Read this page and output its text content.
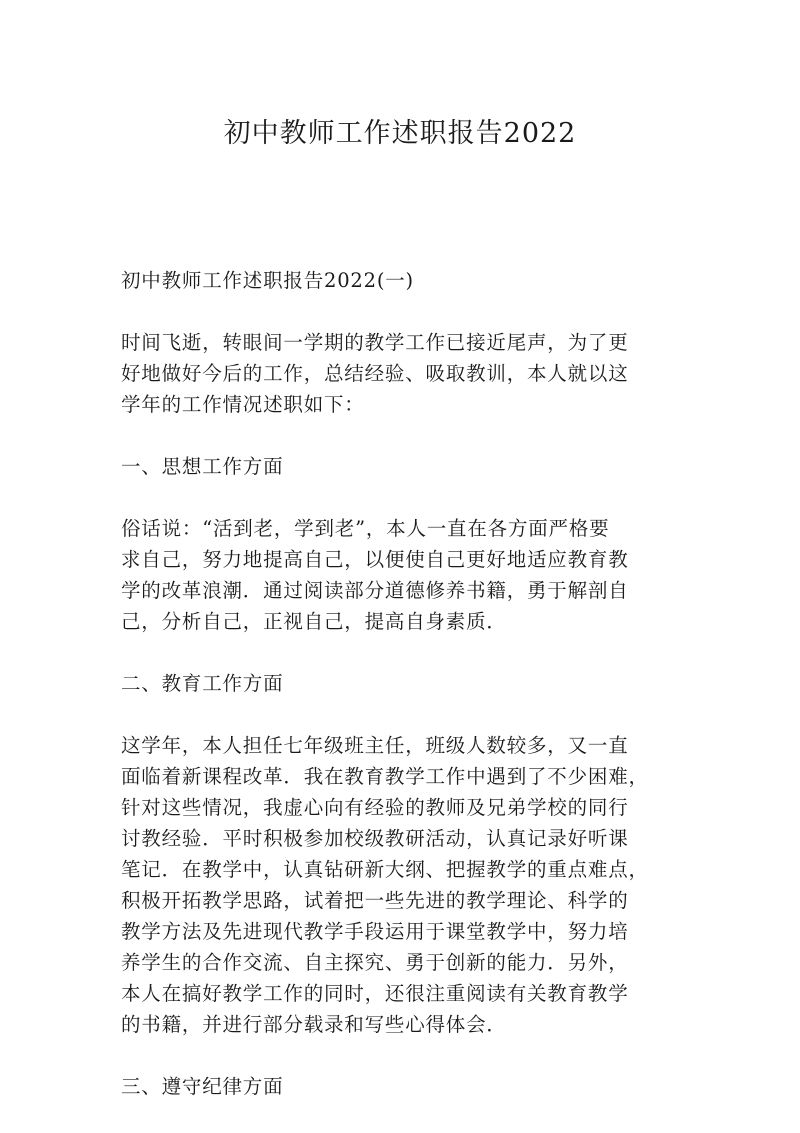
初中教师工作述职报告2022

初中教师工作述职报告2022(一)

时间飞逝，转眼间一学期的教学工作已接近尾声，为了更
好地做好今后的工作，总结经验、吸取教训，本人就以这
学年的工作情况述职如下：

一、思想工作方面

俗话说：“活到老，学到老”，本人一直在各方面严格要
求自己，努力地提高自己，以便使自己更好地适应教育教
学的改革浪潮．通过阅读部分道德修养书籍，勇于解剖自
己，分析自己，正视自己，提高自身素质．

二、教育工作方面

这学年，本人担任七年级班主任，班级人数较多，又一直
面临着新课程改革．我在教育教学工作中遇到了不少困难，
针对这些情况，我虚心向有经验的教师及兄弟学校的同行
讨教经验．平时积极参加校级教研活动，认真记录好听课
笔记．在教学中，认真钻研新大纲、把握教学的重点难点，
积极开拓教学思路，试着把一些先进的教学理论、科学的
教学方法及先进现代教学手段运用于课堂教学中，努力培
养学生的合作交流、自主探究、勇于创新的能力．另外，
本人在搞好教学工作的同时，还很注重阅读有关教育教学
的书籍，并进行部分载录和写些心得体会．

三、遵守纪律方面
